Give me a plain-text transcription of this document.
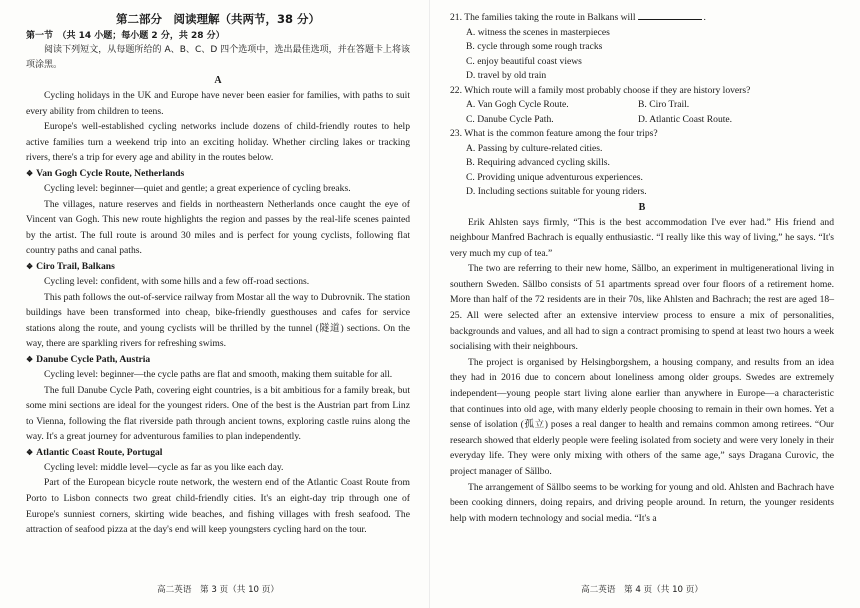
第二部分　阅读理解（共两节，38 分）

第一节　（共 14 小题；每小题 2 分，共 28 分）

阅读下列短文，从每题所给的 A、B、C、D 四个选项中，选出最佳选项，并在答题卡上将该项涂黑。

A

Cycling holidays in the UK and Europe have never been easier for families, with paths to suit every ability from children to teens.

Europe's well-established cycling networks include dozens of child-friendly routes to help active families turn a weekend trip into an exciting holiday. Whether circling lakes or tracking rivers, there's a trip for every age and ability in the routes below.

❖ Van Gogh Cycle Route, Netherlands

Cycling level: beginner—quiet and gentle; a great experience of cycling breaks.

The villages, nature reserves and fields in northeastern Netherlands once caught the eye of Vincent van Gogh. This new route highlights the region and passes by the real-life scenes painted by the artist. The full route is around 30 miles and is perfect for young cyclists, following flat country paths and canal paths.

❖ Ciro Trail, Balkans

Cycling level: confident, with some hills and a few off-road sections.

This path follows the out-of-service railway from Mostar all the way to Dubrovnik. The station buildings have been transformed into cheap, bike-friendly guesthouses and cafes for service stations along the route, and young cyclists will be thrilled by the tunnel (隧道) sections. On the way, there are sparkling rivers for refreshing swims.

❖ Danube Cycle Path, Austria

Cycling level: beginner—the cycle paths are flat and smooth, making them suitable for all.

The full Danube Cycle Path, covering eight countries, is a bit ambitious for a family break, but some mini sections are ideal for the youngest riders. One of the best is the Austrian part from Linz to Vienna, following the flat riverside path through ancient towns, exploring castle ruins along the way. It's a great journey for adventurous families to plan independently.

❖ Atlantic Coast Route, Portugal

Cycling level: middle level—cycle as far as you like each day.

Part of the European bicycle route network, the western end of the Atlantic Coast Route from Porto to Lisbon connects two great child-friendly cities. It's an eight-day trip through one of Europe's sunniest corners, skirting wide beaches, and fishing villages with fresh seafood. The attraction of seafood pizza at the day's end will keep youngsters cycling hard on the tour.

高二英语　第 3 页（共 10 页）

21. The families taking the route in Balkans will	.

A. witness the scenes in masterpieces

B. cycle through some rough tracks

C. enjoy beautiful coast views

D. travel by old train

22. Which route will a family most probably choose if they are history lovers?

A. Van Gogh Cycle Route.	B. Ciro Trail.
C. Danube Cycle Path.	D. Atlantic Coast Route.

23. What is the common feature among the four trips?

A. Passing by culture-related cities.

B. Requiring advanced cycling skills.

C. Providing unique adventurous experiences.

D. Including sections suitable for young riders.

B

Erik Ahlsten says firmly, “This is the best accommodation I've ever had.” His friend and neighbour Manfred Bachrach is equally enthusiastic. “I really like this way of living,” he says. “It's very much my cup of tea.”

The two are referring to their new home, Sällbo, an experiment in multigenerational living in southern Sweden. Sällbo consists of 51 apartments spread over four floors of a retirement home. More than half of the 72 residents are in their 70s, like Ahlsten and Bachrach; the rest are aged 18–25. All were selected after an extensive interview process to ensure a mix of personalities, backgrounds and values, and all had to sign a contract promising to spend at least two hours a week socialising with their neighbours.

The project is organised by Helsingborgshem, a housing company, and results from an idea they had in 2016 due to concern about loneliness among older groups. Swedes are extremely independent—young people start living alone earlier than anywhere in Europe—a characteristic that continues into old age, with many elderly people choosing to remain in their own homes. Yet a sense of isolation (孤立) poses a real danger to health and remains common among retirees. “Our research showed that elderly people were feeling isolated from society and were very lonely in their everyday life. They were only mixing with others of the same age,” says Dragana Curovic, the project manager of Sällbo.

The arrangement of Sällbo seems to be working for young and old. Ahlsten and Bachrach have been cooking dinners, doing repairs, and driving people around. In return, the younger residents help with modern technology and social media. “It's a

高二英语　第 4 页（共 10 页）
